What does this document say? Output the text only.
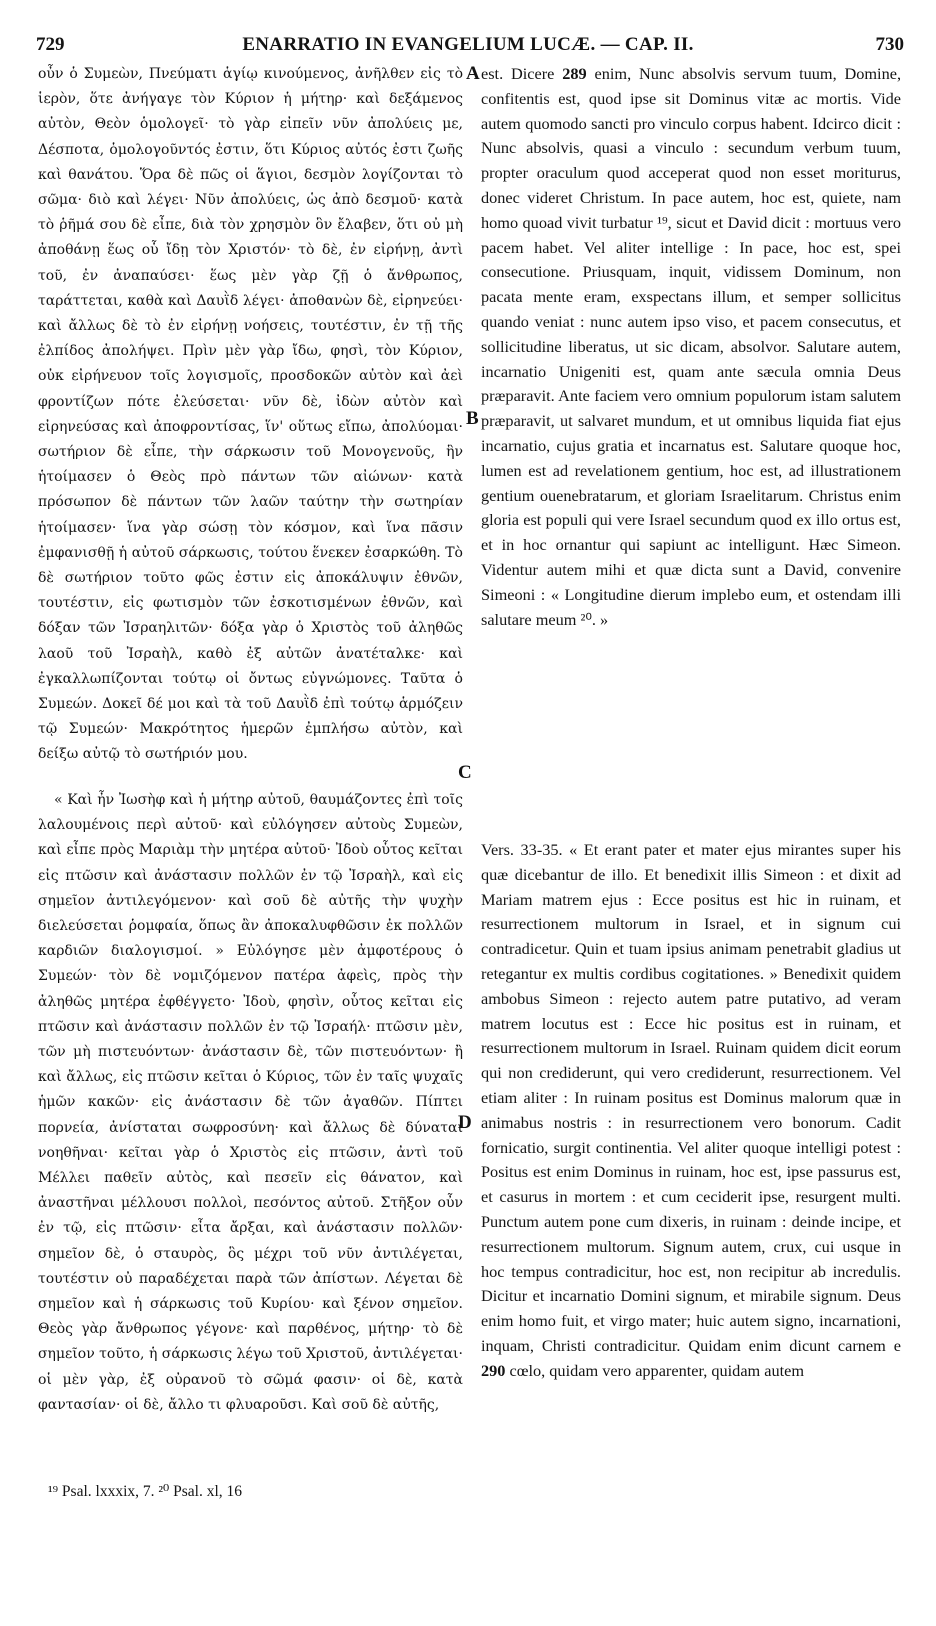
729	ENARRATIO IN EVANGELIUM LUCÆ. — CAP. II.	730

οὖν ὁ Συμεὼν, Πνεύματι ἁγίῳ κινούμενος, ἀνῆλθεν εἰς τὸ ἱερὸν, ὅτε ἀνήγαγε τὸν Κύριον ἡ μήτηρ· καὶ δεξάμενος αὐτὸν, Θεὸν ὁμολογεῖ· τὸ γὰρ εἰπεῖν νῦν ἀπολύεις με, Δέσποτα, ὁμολογοῦντός ἐστιν, ὅτι Κύριος αὐτός ἐστι ζωῆς καὶ θανάτου. Ὅρα δὲ πῶς οἱ ἅγιοι, δεσμὸν λογίζονται τὸ σῶμα· διὸ καὶ λέγει· Νῦν ἀπολύεις, ὡς ἀπὸ δεσμοῦ· κατὰ τὸ ῥῆμά σου δὲ εἶπε, διὰ τὸν χρησμὸν ὃν ἔλαβεν, ὅτι οὐ μὴ ἀποθάνῃ ἕως οὗ ἴδῃ τὸν Χριστόν· τὸ δὲ, ἐν εἰρήνῃ, ἀντὶ τοῦ, ἐν ἀναπαύσει· ἕως μὲν γὰρ ζῇ ὁ ἄνθρωπος, ταράττεται, καθὰ καὶ Δαυῒδ λέγει· ἀποθανὼν δὲ, εἰρηνεύει· καὶ ἄλλως δὲ τὸ ἐν εἰρήνῃ νοήσεις, τουτέστιν, ἐν τῇ τῆς ἐλπίδος ἀπολήψει. Πρὶν μὲν γὰρ ἴδω, φησὶ, τὸν Κύριον, οὐκ εἰρήνευον τοῖς λογισμοῖς, προσδοκῶν αὐτὸν καὶ ἀεὶ φροντίζων πότε ἐλεύσεται· νῦν δὲ, ἰδὼν αὐτὸν καὶ εἰρηνεύσας καὶ ἀποφροντίσας, ἵν' οὕτως εἴπω, ἀπολύομαι· σωτήριον δὲ εἶπε, τὴν σάρκωσιν τοῦ Μονογενοῦς, ἣν ἡτοίμασεν ὁ Θεὸς πρὸ πάντων τῶν αἰώνων· κατὰ πρόσωπον δὲ πάντων τῶν λαῶν ταύτην τὴν σωτηρίαν ἡτοίμασεν· ἵνα γὰρ σώσῃ τὸν κόσμον, καὶ ἵνα πᾶσιν ἐμφανισθῇ ἡ αὐτοῦ σάρκωσις, τούτου ἕνεκεν ἐσαρκώθη. Τὸ δὲ σωτήριον τοῦτο φῶς ἐστιν εἰς ἀποκάλυψιν ἐθνῶν, τουτέστιν, εἰς φωτισμὸν τῶν ἐσκοτισμένων ἐθνῶν, καὶ δόξαν τῶν Ἰσραηλιτῶν· δόξα γὰρ ὁ Χριστὸς τοῦ ἀληθῶς λαοῦ τοῦ Ἰσραὴλ, καθὸ ἐξ αὐτῶν ἀνατέταλκε· καὶ ἐγκαλλωπίζονται τούτῳ οἱ ὄντως εὐγνώμονες. Ταῦτα ὁ Συμεών. Δοκεῖ δέ μοι καὶ τὰ τοῦ Δαυῒδ ἐπὶ τούτῳ ἁρμόζειν τῷ Συμεών· Μακρότητος ἡμερῶν ἐμπλήσω αὐτὸν, καὶ δείξω αὐτῷ τὸ σωτήριόν μου.

« Καὶ ἦν Ἰωσὴφ καὶ ἡ μήτηρ αὐτοῦ, θαυμάζοντες ἐπὶ τοῖς λαλουμένοις περὶ αὐτοῦ· καὶ εὐλόγησεν αὐτοὺς Συμεὼν, καὶ εἶπε πρὸς Μαριὰμ τὴν μητέρα αὐτοῦ· Ἰδοὺ οὗτος κεῖται εἰς πτῶσιν καὶ ἀνάστασιν πολλῶν ἐν τῷ Ἰσραὴλ, καὶ εἰς σημεῖον ἀντιλεγόμενον· καὶ σοῦ δὲ αὐτῆς τὴν ψυχὴν διελεύσεται ῥομφαία, ὅπως ἂν ἀποκαλυφθῶσιν ἐκ πολλῶν καρδιῶν διαλογισμοί. » Εὐλόγησε μὲν ἀμφοτέρους ὁ Συμεών· τὸν δὲ νομιζόμενον πατέρα ἀφεὶς, πρὸς τὴν ἀληθῶς μητέρα ἐφθέγγετο· Ἰδοὺ, φησὶν, οὗτος κεῖται εἰς πτῶσιν καὶ ἀνάστασιν πολλῶν ἐν τῷ Ἰσραήλ· πτῶσιν μὲν, τῶν μὴ πιστευόντων· ἀνάστασιν δὲ, τῶν πιστευόντων· ἢ καὶ ἄλλως, εἰς πτῶσιν κεῖται ὁ Κύριος, τῶν ἐν ταῖς ψυχαῖς ἡμῶν κακῶν· εἰς ἀνάστασιν δὲ τῶν ἀγαθῶν. Πίπτει πορνεία, ἀνίσταται σωφροσύνη· καὶ ἄλλως δὲ δύναται νοηθῆναι· κεῖται γὰρ ὁ Χριστὸς εἰς πτῶσιν, ἀντὶ τοῦ Μέλλει παθεῖν αὐτὸς, καὶ πεσεῖν εἰς θάνατον, καὶ ἀναστῆναι μέλλουσι πολλοὶ, πεσόντος αὐτοῦ. Στῆξον οὖν ἐν τῷ, εἰς πτῶσιν· εἶτα ἄρξαι, καὶ ἀνάστασιν πολλῶν· σημεῖον δὲ, ὁ σταυρὸς, ὃς μέχρι τοῦ νῦν ἀντιλέγεται, τουτέστιν οὐ παραδέχεται παρὰ τῶν ἀπίστων. Λέγεται δὲ σημεῖον καὶ ἡ σάρκωσις τοῦ Κυρίου· καὶ ξένον σημεῖον. Θεὸς γὰρ ἄνθρωπος γέγονε· καὶ παρθένος, μήτηρ· τὸ δὲ σημεῖον τοῦτο, ἡ σάρκωσις λέγω τοῦ Χριστοῦ, ἀντιλέγεται· οἱ μὲν γὰρ, ἐξ οὐρανοῦ τὸ σῶμά φασιν· οἱ δὲ, κατὰ φαντασίαν· οἱ δὲ, ἄλλο τι φλυαροῦσι. Καὶ σοῦ δὲ αὐτῆς,

est. Dicere 289 enim, Nunc absolvis servum tuum, Domine, confitentis est, quod ipse sit Dominus vitæ ac mortis. Vide autem quomodo sancti pro vinculo corpus habent. Idcirco dicit : Nunc absolvis, quasi a vinculo : secundum verbum tuum, propter oraculum quod acceperat quod non esset moriturus, donec videret Christum. In pace autem, hoc est, quiete, nam homo quoad vivit turbatur ¹⁹, sicut et David dicit : mortuus vero pacem habet. Vel aliter intellige : In pace, hoc est, spei consecutione. Priusquam, inquit, vidissem Dominum, non pacata mente eram, exspectans illum, et semper sollicitus quando veniat : nunc autem ipso viso, et pacem consecutus, et sollicitudine liberatus, ut sic dicam, absolvor. Salutare autem, incarnatio Unigeniti est, quam ante sæcula omnia Deus præparavit. Ante faciem vero omnium populorum istam salutem præparavit, ut salvaret mundum, et ut omnibus liquida fiat ejus incarnatio, cujus gratia et incarnatus est. Salutare quoque hoc, lumen est ad revelationem gentium, hoc est, ad illustrationem gentium ouenebratarum, et gloriam Israelitarum. Christus enim gloria est populi qui vere Israel secundum quod ex illo ortus est, et in hoc ornantur qui sapiunt ac intelligunt. Hæc Simeon. Videntur autem mihi et quæ dicta sunt a David, convenire Simeoni : « Longitudine dierum implebo eum, et ostendam illi salutare meum ²⁰. »

Vers. 33-35. « Et erant pater et mater ejus mirantes super his quæ dicebantur de illo. Et benedixit illis Simeon : et dixit ad Mariam matrem ejus : Ecce positus est hic in ruinam, et resurrectionem multorum in Israel, et in signum cui contradicetur. Quin et tuam ipsius animam penetrabit gladius ut retegantur ex multis cordibus cogitationes. » Benedixit quidem ambobus Simeon : rejecto autem patre putativo, ad veram matrem locutus est : Ecce hic positus est in ruinam, et resurrectionem multorum in Israel. Ruinam quidem dicit eorum qui non crediderunt, qui vero crediderunt, resurrectionem. Vel etiam aliter : In ruinam positus est Dominus malorum quæ in animabus nostris : in resurrectionem vero bonorum. Cadit fornicatio, surgit continentia. Vel aliter quoque intelligi potest : Positus est enim Dominus in ruinam, hoc est, ipse passurus est, et casurus in mortem : et cum ceciderit ipse, resurgent multi. Punctum autem pone cum dixeris, in ruinam : deinde incipe, et resurrectionem multorum. Signum autem, crux, cui usque in hoc tempus contradicitur, hoc est, non recipitur ab incredulis. Dicitur et incarnatio Domini signum, et mirabile signum. Deus enim homo fuit, et virgo mater; huic autem signo, incarnationi, inquam, Christi contradicitur. Quidam enim dicunt carnem e 290 cœlo, quidam vero apparenter, quidam autem

A
B
C
D
¹⁹ Psal. lxxxix, 7. ²⁰ Psal. xl, 16
